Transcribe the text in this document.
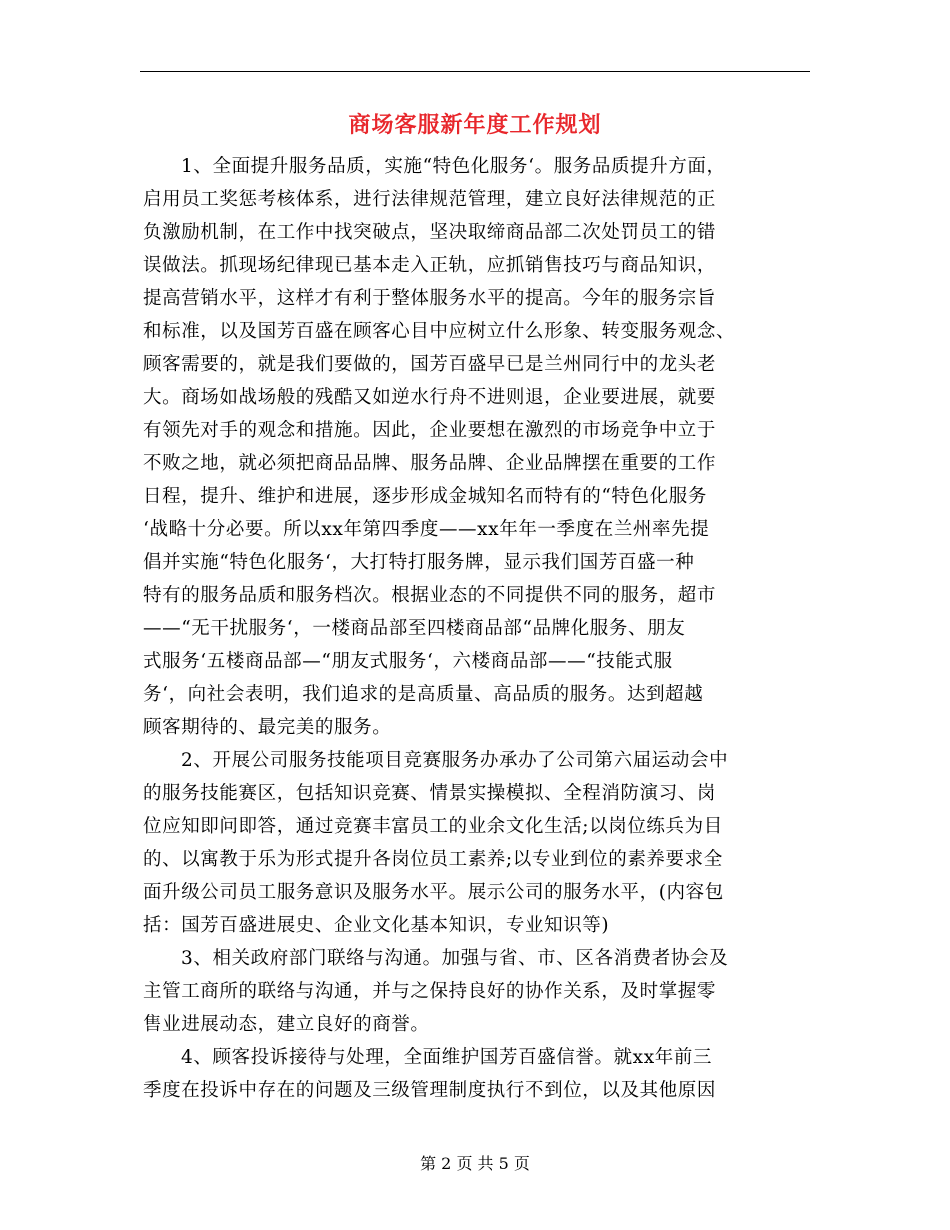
商场客服新年度工作规划
1、全面提升服务品质，实施“特色化服务‘。服务品质提升方面，
启用员工奖惩考核体系，进行法律规范管理，建立良好法律规范的正
负激励机制，在工作中找突破点，坚决取缔商品部二次处罚员工的错
误做法。抓现场纪律现已基本走入正轨，应抓销售技巧与商品知识，
提高营销水平，这样才有利于整体服务水平的提高。今年的服务宗旨
和标准，以及国芳百盛在顾客心目中应树立什么形象、转变服务观念、
顾客需要的，就是我们要做的，国芳百盛早已是兰州同行中的龙头老
大。商场如战场般的残酷又如逆水行舟不进则退，企业要进展，就要
有领先对手的观念和措施。因此，企业要想在激烈的市场竞争中立于
不败之地，就必须把商品品牌、服务品牌、企业品牌摆在重要的工作
日程，提升、维护和进展，逐步形成金城知名而特有的“特色化服务
‘战略十分必要。所以xx年第四季度——xx年年一季度在兰州率先提
倡并实施“特色化服务‘，大打特打服务牌，显示我们国芳百盛一种
特有的服务品质和服务档次。根据业态的不同提供不同的服务，超市
——“无干扰服务‘，一楼商品部至四楼商品部“品牌化服务、朋友
式服务‘五楼商品部—“朋友式服务‘，六楼商品部——“技能式服
务‘，向社会表明，我们追求的是高质量、高品质的服务。达到超越
顾客期待的、最完美的服务。
2、开展公司服务技能项目竞赛服务办承办了公司第六届运动会中
的服务技能赛区，包括知识竞赛、情景实操模拟、全程消防演习、岗
位应知即问即答，通过竞赛丰富员工的业余文化生活;以岗位练兵为目
的、以寓教于乐为形式提升各岗位员工素养;以专业到位的素养要求全
面升级公司员工服务意识及服务水平。展示公司的服务水平，(内容包
括：国芳百盛进展史、企业文化基本知识，专业知识等)
3、相关政府部门联络与沟通。加强与省、市、区各消费者协会及
主管工商所的联络与沟通，并与之保持良好的协作关系，及时掌握零
售业进展动态，建立良好的商誉。
4、顾客投诉接待与处理，全面维护国芳百盛信誉。就xx年前三
季度在投诉中存在的问题及三级管理制度执行不到位，以及其他原因
第 2 页 共 5 页
